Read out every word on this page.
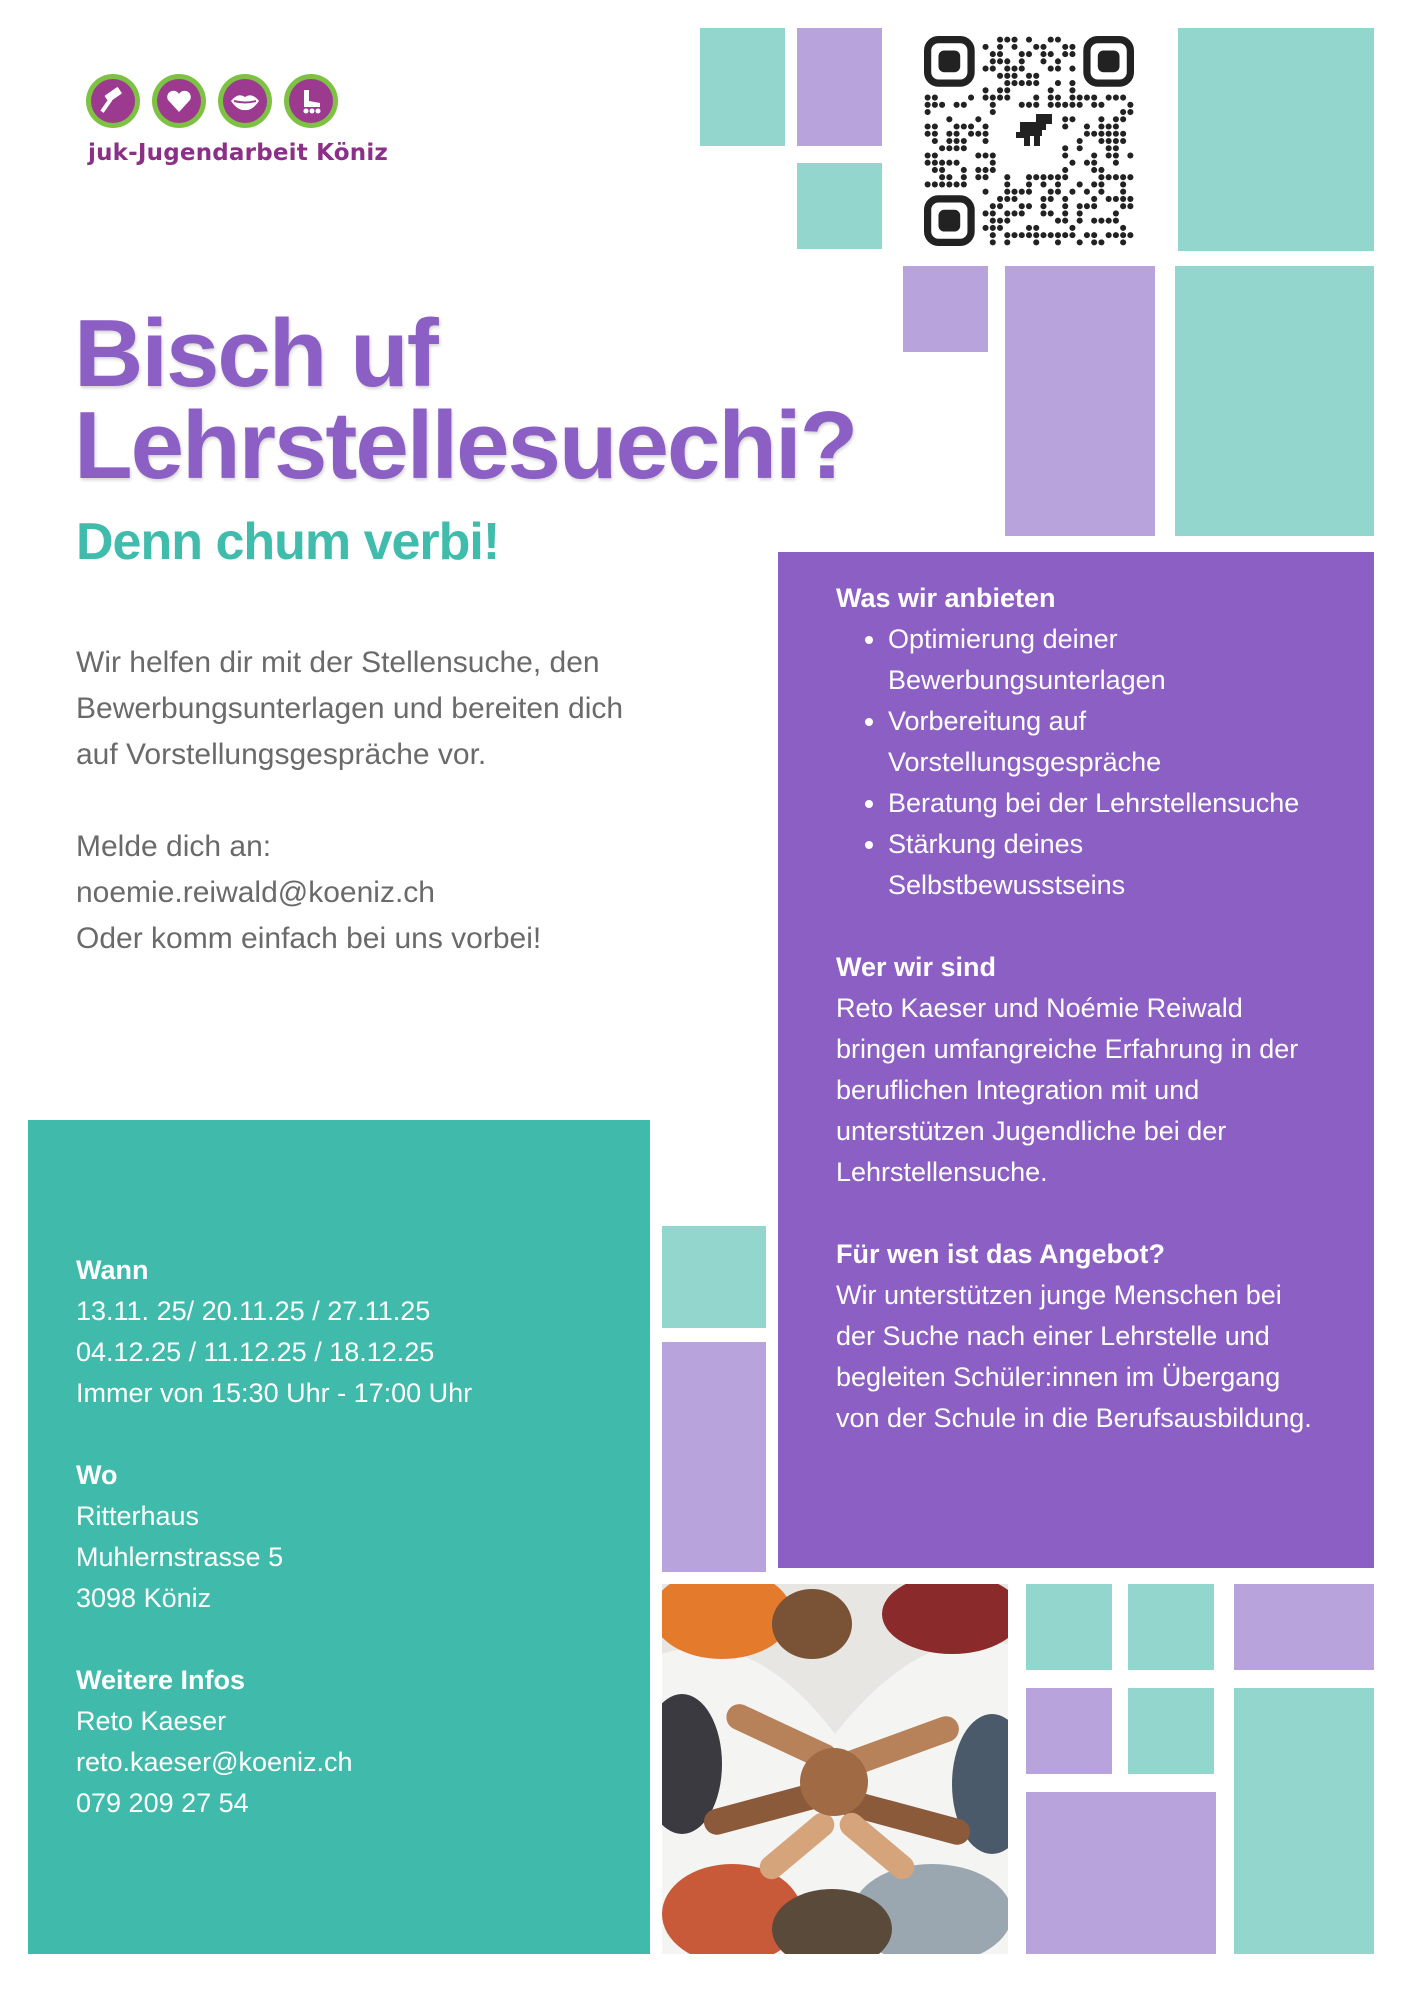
juk-Jugendarbeit Köniz
Bisch uf
Lehrstellesuechi?
Denn chum verbi!

Wir helfen dir mit der Stellensuche, den Bewerbungsunterlagen und bereiten dich auf Vorstellungsgespräche vor.

Melde dich an:

noemie.reiwald@koeniz.ch

Oder komm einfach bei uns vorbei!

Was wir anbieten

• Optimierung deiner Bewerbungsunterlagen
• Vorbereitung auf Vorstellungsgespräche
• Beratung bei der Lehrstellensuche
• Stärkung deines Selbstbewusstseins

Wer wir sind

Reto Kaeser und Noémie Reiwald bringen umfangreiche Erfahrung in der beruflichen Integration mit und unterstützen Jugendliche bei der Lehrstellensuche.

Für wen ist das Angebot?

Wir unterstützen junge Menschen bei der Suche nach einer Lehrstelle und begleiten Schüler:innen im Übergang von der Schule in die Berufsausbildung.

Wann

13.11. 25/ 20.11.25 / 27.11.25

04.12.25 / 11.12.25 / 18.12.25

Immer von 15:30 Uhr - 17:00 Uhr

Wo

Ritterhaus

Muhlernstrasse 5

3098 Köniz

Weitere Infos

Reto Kaeser

reto.kaeser@koeniz.ch

079 209 27 54
